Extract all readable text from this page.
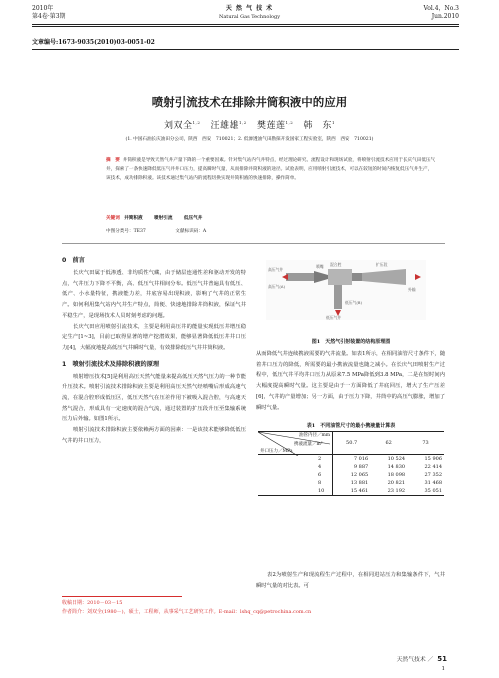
2010年
第4卷·第3期
天 然 气 技 术
Natural Gas Technology
Vol.4，No.3
Jun.2010
文章编号:1673-9035(2010)03-0051-02
喷射引流技术在排除井筒积液中的应用
刘双全$^{1,2}$ 汪雄雄$^{1,2}$ 樊莲莲$^{1,2}$ 韩　东$^1$
(1. 中国石油长庆油田分公司，陕西　西安　710021；2. 低渗透油气田勘探开发国家工程实验室，陕西　西安　710021)
摘　要 井筒积液是导致天然气井产量下降的一个重要因素。针对集气站内气井特点，经过理论研究、流程设计和现场试验，将喷射引流技术应用于长庆气田低压气井，探索了一条快速降低低压气井井口压力，提高瞬时气量，从而排除井筒积液的途径。试验表明，应用喷射引流技术，可以在较短的时间内恢复低压气井生产，该技术，成功排除积液。该技术通过集气站内的流程切换实现井筒积液的快速排除，操作简单。
关键词 井筒积液 喷射引流 低压气井
中图分类号：TE37	文献标识码：A
0　前言

长庆气田属于低渗透、非均质性气藏，由于储层连通性差和驱动开发的特点，气井压力下降不平衡，高、低压气井相间分布。低压气井普遍具有低压、低产、小水量特征，携液能力差，井底容易出现积液，影响了气井的正常生产。如何利用集气站内气井生产特点，简便、快速地排除井筒积液，保证气井平稳生产，是现场技术人员时刻考虑的问题。

长庆气田应用喷射引流技术，主要是利用高压井的能量实现低压井增压稳定生产[1~3]，目前已取得显著的增产挖潜效果，能够显著降低低压井井口压力[4]，大幅度地提高低压气井瞬时气量，有效排除低压气井井筒积液。

1　喷射引流技术及排除积液的原理

喷射增压技术[5]是利用高压天然气能量来提高低压天然气压力的一种节能升压技术。喷射引流技术排除积液主要是利用高压天然气经喷嘴后形成高速气流，在混合腔形成低压区，低压天然气在压差作用下被吸入混合腔，与高速天然气混合，形成具有一定速度的混合气流，通过装置的扩压段升压至集输系统压力后外输。如图1所示。

喷射引流技术排除积液主要依赖两方面的因素：一是该技术能够降低低压气井的井口压力，

高压气井
高压气(A)
喷嘴 混合腔	扩压段
外输
低压气(B)
低压气井
图1　天然气引射装置的结构原理图

从而降低气井连续携液需要的气井流量。如表1所示，在相同油管尺寸条件下，随着井口压力的降低，所需要的最小携液流量也随之减小。在长庆气田喷射生产过程中，低压气井平均井口压力从原来7.5 MPa降低到3.8 MPa，二是在短时间内大幅度提高瞬时气量。这主要是由于一方面降低了井底回压，增大了生产压差[6]，气井的产量增加；另一方面，由于压力下降，井筒中的高压气膨胀，增加了瞬时气量。

表1　不同油管尺寸的最小携液量计算表
油管内径／mm
携液流量／m³
井口压力／MPa	50.7	62	73

2	7 016	10 524	15 906
4	9 887	14 830	22 414
6	12 065	18 098	27 352
8	13 881	20 821	31 468
10	15 461	23 192	35 051

表2为喷射生产和现流程生产过程中，在相同进站压力和集输条件下，气井瞬时气量的对比表。可

收稿日期：2010－03－15
作者简介：刘双全(1980－)，硕士，工程师，从事采气工艺研究工作。E-mail：lshq_cq@petrochina.com.cn
天然气技术 ／ 51
1
